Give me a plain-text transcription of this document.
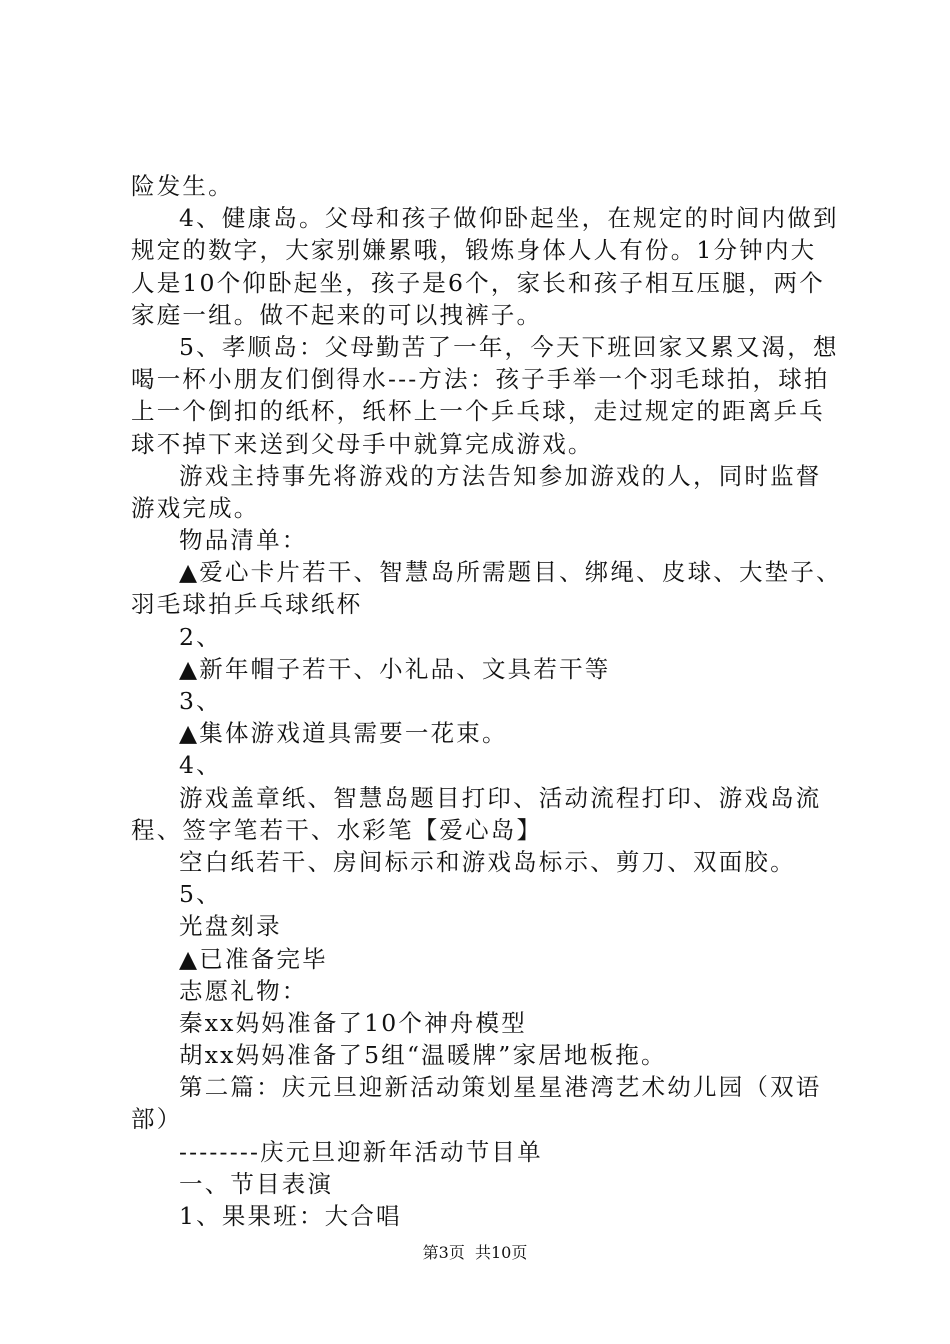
险发生。
4、健康岛。父母和孩子做仰卧起坐，在规定的时间内做到
规定的数字，大家别嫌累哦，锻炼身体人人有份。1分钟内大
人是10个仰卧起坐，孩子是6个，家长和孩子相互压腿，两个
家庭一组。做不起来的可以拽裤子。
5、孝顺岛：父母勤苦了一年，今天下班回家又累又渴，想
喝一杯小朋友们倒得水---方法：孩子手举一个羽毛球拍，球拍
上一个倒扣的纸杯，纸杯上一个乒乓球，走过规定的距离乒乓
球不掉下来送到父母手中就算完成游戏。
游戏主持事先将游戏的方法告知参加游戏的人，同时监督
游戏完成。
物品清单：
▲爱心卡片若干、智慧岛所需题目、绑绳、皮球、大垫子、
羽毛球拍乒乓球纸杯
2、
▲新年帽子若干、小礼品、文具若干等
3、
▲集体游戏道具需要一花束。
4、
游戏盖章纸、智慧岛题目打印、活动流程打印、游戏岛流
程、签字笔若干、水彩笔【爱心岛】
空白纸若干、房间标示和游戏岛标示、剪刀、双面胶。
5、
光盘刻录
▲已准备完毕
志愿礼物：
秦xx妈妈准备了10个神舟模型
胡xx妈妈准备了5组“温暖牌”家居地板拖。
第二篇：庆元旦迎新活动策划星星港湾艺术幼儿园（双语
部）
--------庆元旦迎新年活动节目单
一、节目表演
1、果果班：大合唱
第3页  共10页
